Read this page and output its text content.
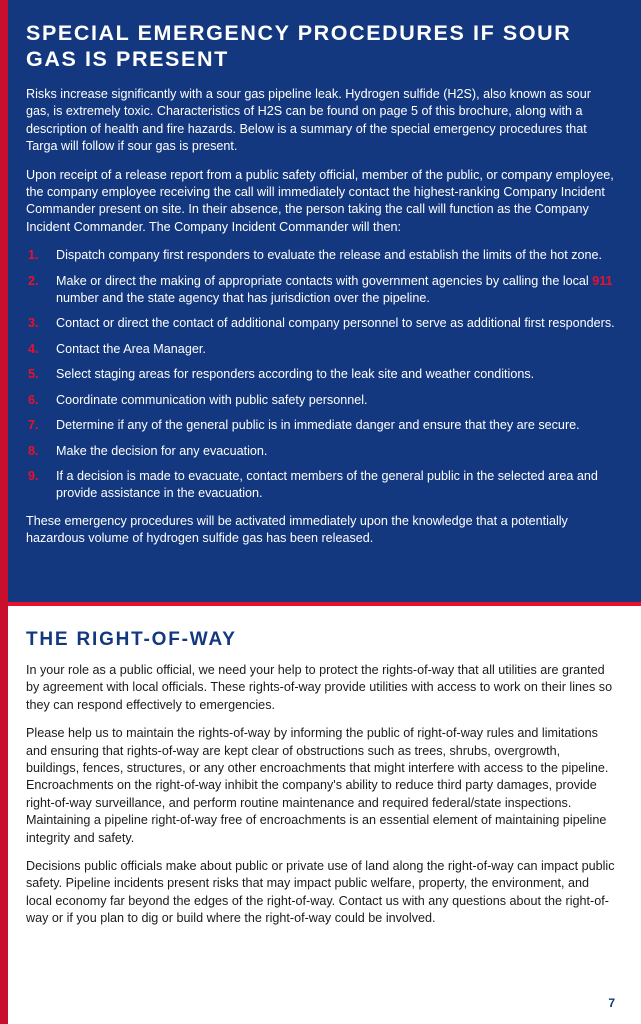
SPECIAL EMERGENCY PROCEDURES IF SOUR GAS IS PRESENT

Risks increase significantly with a sour gas pipeline leak. Hydrogen sulfide (H2S), also known as sour gas, is extremely toxic. Characteristics of H2S can be found on page 5 of this brochure, along with a description of health and fire hazards. Below is a summary of the special emergency procedures that Targa will follow if sour gas is present.

Upon receipt of a release report from a public safety official, member of the public, or company employee, the company employee receiving the call will immediately contact the highest-ranking Company Incident Commander present on site. In their absence, the person taking the call will function as the Company Incident Commander. The Company Incident Commander will then:

1.	Dispatch company first responders to evaluate the release and establish the limits of the hot zone.
2.	Make or direct the making of appropriate contacts with government agencies by calling the local 911 number and the state agency that has jurisdiction over the pipeline.
3.	Contact or direct the contact of additional company personnel to serve as additional first responders.
4.	Contact the Area Manager.
5.	Select staging areas for responders according to the leak site and weather conditions.
6.	Coordinate communication with public safety personnel.
7.	Determine if any of the general public is in immediate danger and ensure that they are secure.
8.	Make the decision for any evacuation.
9.	If a decision is made to evacuate, contact members of the general public in the selected area and provide assistance in the evacuation.

These emergency procedures will be activated immediately upon the knowledge that a potentially hazardous volume of hydrogen sulfide gas has been released.

THE RIGHT-OF-WAY

In your role as a public official, we need your help to protect the rights-of-way that all utilities are granted by agreement with local officials. These rights-of-way provide utilities with access to work on their lines so they can respond effectively to emergencies.

Please help us to maintain the rights-of-way by informing the public of right-of-way rules and limitations and ensuring that rights-of-way are kept clear of obstructions such as trees, shrubs, overgrowth, buildings, fences, structures, or any other encroachments that might interfere with access to the pipeline. Encroachments on the right-of-way inhibit the company's ability to reduce third party damages, provide right-of-way surveillance, and perform routine maintenance and required federal/state inspections. Maintaining a pipeline right-of-way free of encroachments is an essential element of maintaining pipeline integrity and safety.

Decisions public officials make about public or private use of land along the right-of-way can impact public safety. Pipeline incidents present risks that may impact public welfare, property, the environment, and local economy far beyond the edges of the right-of-way. Contact us with any questions about the right-of-way or if you plan to dig or build where the right-of-way could be involved.

7
